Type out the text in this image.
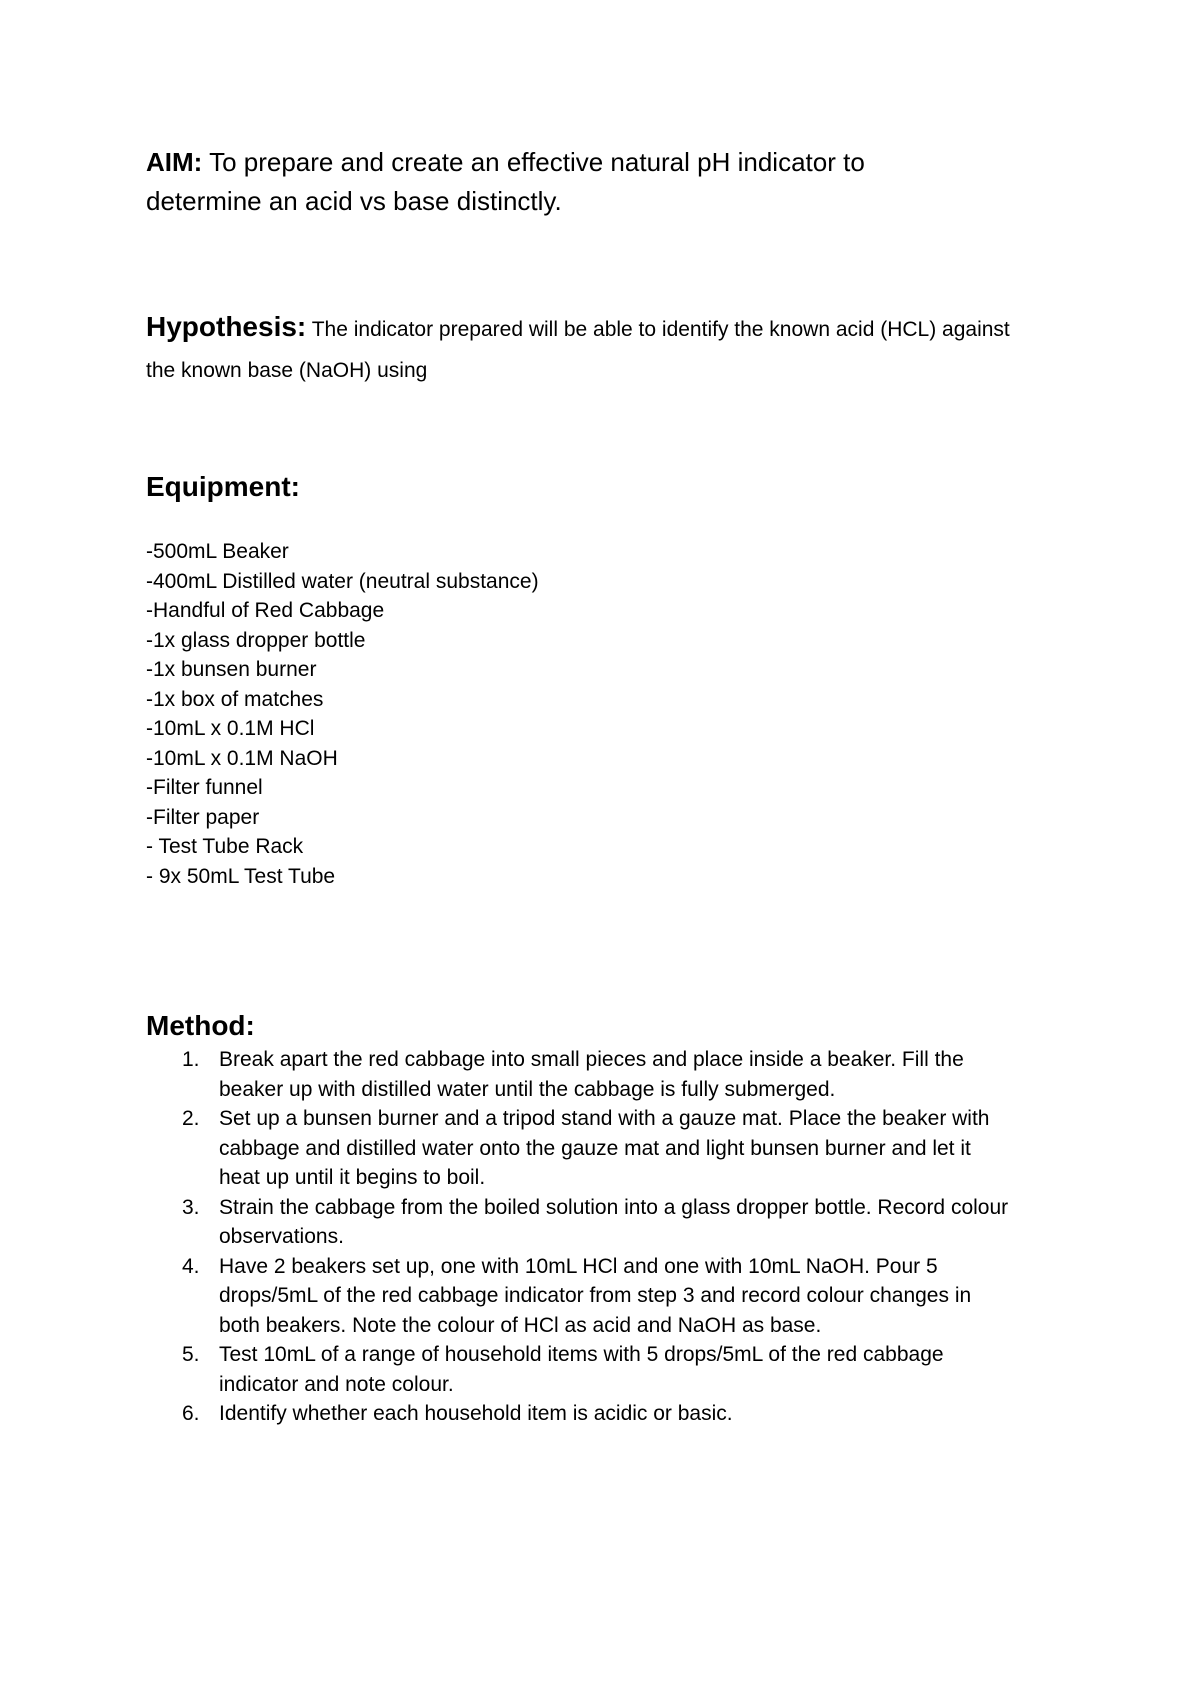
AIM: To prepare and create an effective natural pH indicator to
determine an acid vs base distinctly.
Hypothesis: The indicator prepared will be able to identify the known acid (HCL) against
the known base (NaOH) using
Equipment:
-500mL Beaker
-400mL Distilled water (neutral substance)
-Handful of Red Cabbage
-1x glass dropper bottle
-1x bunsen burner
-1x box of matches
-10mL x 0.1M HCl
-10mL x 0.1M NaOH
-Filter funnel
-Filter paper
- Test Tube Rack
- 9x 50mL Test Tube
Method:
1. Break apart the red cabbage into small pieces and place inside a beaker. Fill the
beaker up with distilled water until the cabbage is fully submerged.
2. Set up a bunsen burner and a tripod stand with a gauze mat. Place the beaker with
cabbage and distilled water onto the gauze mat and light bunsen burner and let it
heat up until it begins to boil.
3. Strain the cabbage from the boiled solution into a glass dropper bottle. Record colour
observations.
4. Have 2 beakers set up, one with 10mL HCl and one with 10mL NaOH. Pour 5
drops/5mL of the red cabbage indicator from step 3 and record colour changes in
both beakers. Note the colour of HCl as acid and NaOH as base.
5. Test 10mL of a range of household items with 5 drops/5mL of the red cabbage
indicator and note colour.
6. Identify whether each household item is acidic or basic.
